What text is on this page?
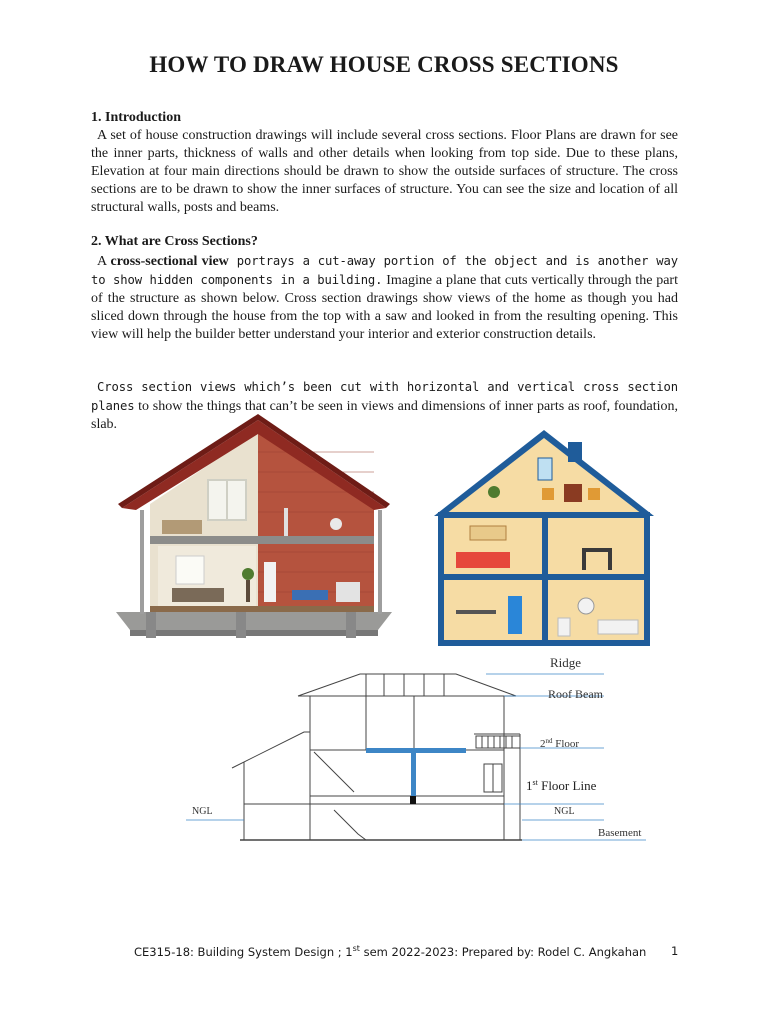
HOW TO DRAW HOUSE CROSS SECTIONS
1. Introduction
A set of house construction drawings will include several cross sections. Floor Plans are drawn for see the inner parts, thickness of walls and other details when looking from top side. Due to these plans, Elevation at four main directions should be drawn to show the outside surfaces of structure. The cross sections are to be drawn to show the inner surfaces of structure. You can see the size and location of all structural walls, posts and beams.
2. What are Cross Sections?
A cross-sectional view portrays a cut-away portion of the object and is another way to show hidden components in a building. Imagine a plane that cuts vertically through the part of the structure as shown below. Cross section drawings show views of the home as though you had sliced down through the house from the top with a saw and looked in from the resulting opening. This view will help the builder better understand your interior and exterior construction details.
Cross section views which’s been cut with horizontal and vertical cross section planes to show the things that can’t be seen in views and dimensions of inner parts as roof, foundation, slab.
Ridge
Roof Beam
2nd Floor
1st Floor Line
NGL	NGL
Basement
CE315-18: Building System Design ; 1st sem 2022-2023: Prepared by: Rodel C. Angkahan 1
